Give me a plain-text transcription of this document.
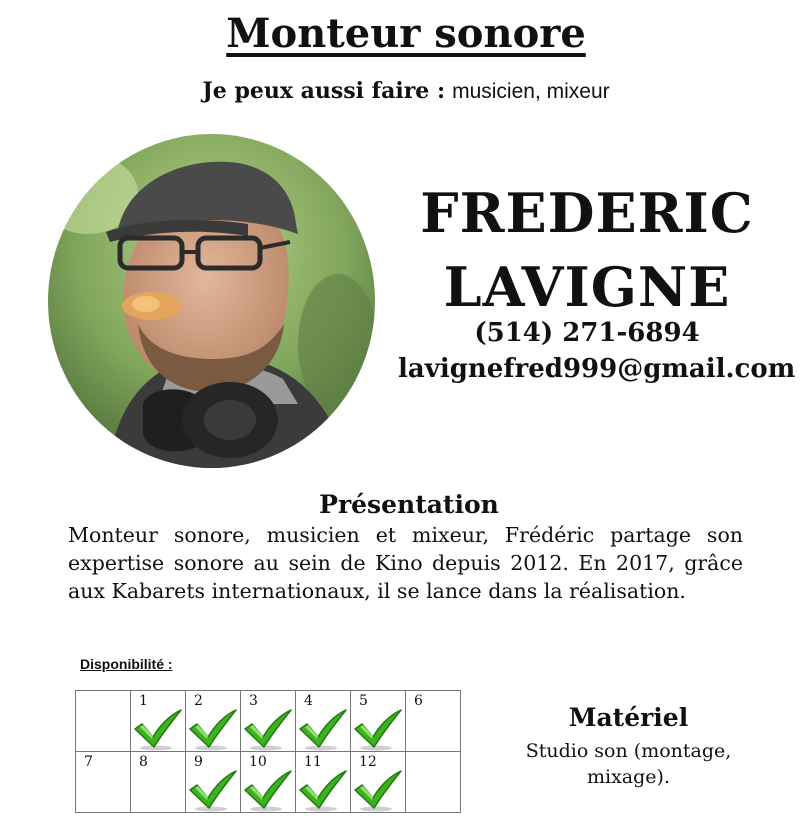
Monteur sonore
Je peux aussi faire : musicien, mixeur
FREDERIC
LAVIGNE
(514) 271-6894
lavignefred999@gmail.com
Présentation
Monteur sonore, musicien et mixeur, Frédéric partage son expertise sonore au sein de Kino depuis 2012. En 2017, grâce aux Kabarets internationaux, il se lance dans la réalisation.
Disponibilité :

	1	2	3	4	5	6

7	8	9	10	11	12	

Matériel
Studio son (montage,
mixage).
